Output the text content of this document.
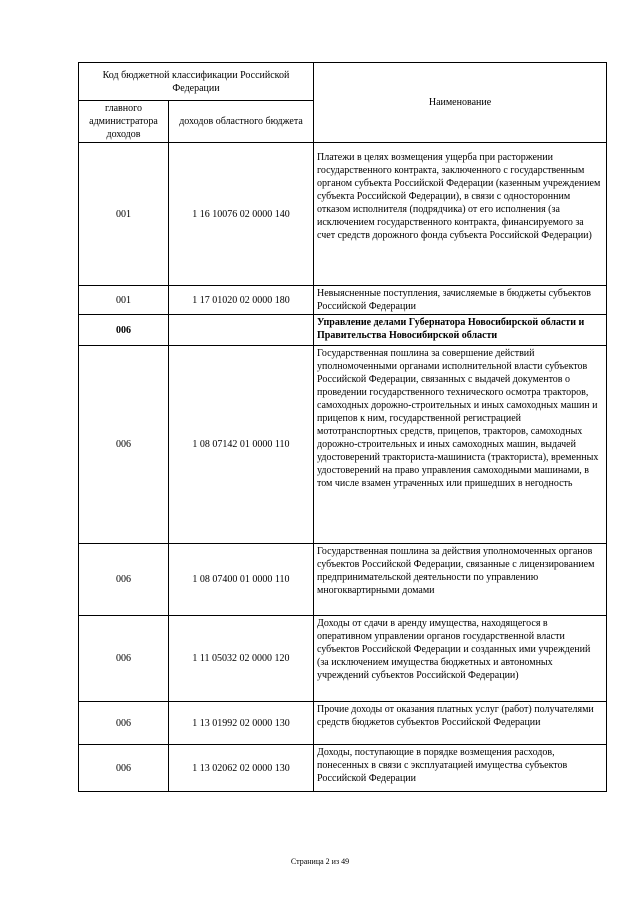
Код бюджетной классификации Российской Федерации		Наименование
главного администратора доходов	доходов областного бюджета	
001	1 16 10076 02 0000 140	Платежи в целях возмещения ущерба при расторжении государственного контракта, заключенного с государственным органом субъекта Российской Федерации (казенным учреждением субъекта Российской Федерации), в связи с односторонним отказом исполнителя (подрядчика) от его исполнения (за исключением государственного контракта, финансируемого за счет средств дорожного фонда субъекта Российской Федерации)
001	1 17 01020 02 0000 180	Невыясненные поступления, зачисляемые в бюджеты субъектов Российской Федерации
006		Управление делами Губернатора Новосибирской области и Правительства Новосибирской области
006	1 08 07142 01 0000 110	Государственная пошлина за совершение действий уполномоченными органами исполнительной власти субъектов Российской Федерации, связанных с выдачей документов о проведении государственного технического осмотра тракторов, самоходных дорожно-строительных и иных самоходных машин и прицепов к ним, государственной регистрацией мототранспортных средств, прицепов, тракторов, самоходных дорожно-строительных и иных самоходных машин, выдачей удостоверений тракториста-машиниста (тракториста), временных удостоверений на право управления самоходными машинами, в том числе взамен утраченных или пришедших в негодность
006	1 08 07400 01 0000 110	Государственная пошлина за действия уполномоченных органов субъектов Российской Федерации, связанные с лицензированием предпринимательской деятельности по управлению многоквартирными домами
006	1 11 05032 02 0000 120	Доходы от сдачи в аренду имущества, находящегося в оперативном управлении органов государственной власти субъектов Российской Федерации и созданных ими учреждений (за исключением имущества бюджетных и автономных учреждений субъектов Российской Федерации)
006	1 13 01992 02 0000 130	Прочие доходы от оказания платных услуг (работ) получателями средств бюджетов субъектов Российской Федерации
006	1 13 02062 02 0000 130	Доходы, поступающие в порядке возмещения расходов, понесенных в связи с эксплуатацией имущества субъектов Российской Федерации
Страница 2 из 49
